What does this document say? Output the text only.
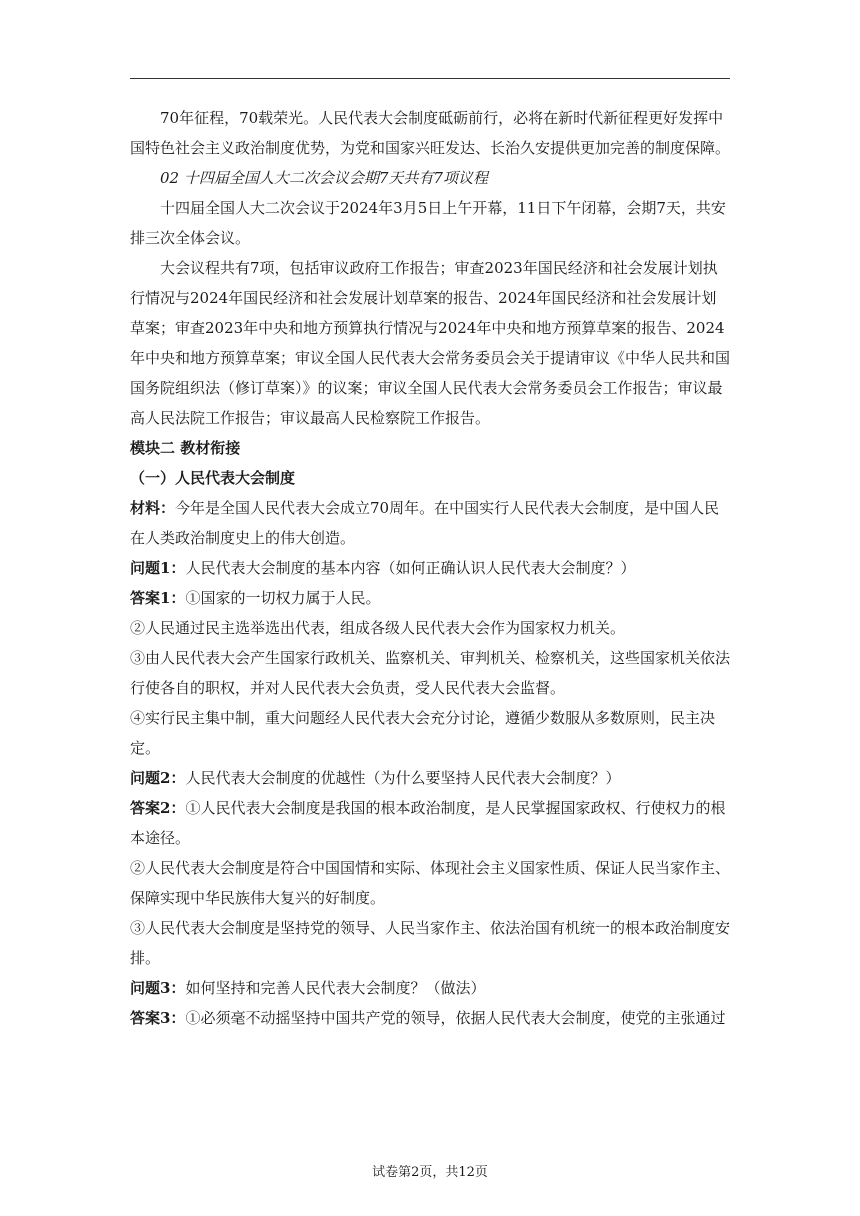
70年征程，70载荣光。人民代表大会制度砥砺前行，必将在新时代新征程更好发挥中国特色社会主义政治制度优势，为党和国家兴旺发达、长治久安提供更加完善的制度保障。

02 十四届全国人大二次会议会期7天共有7项议程

十四届全国人大二次会议于2024年3月5日上午开幕，11日下午闭幕，会期7天，共安排三次全体会议。

大会议程共有7项，包括审议政府工作报告；审查2023年国民经济和社会发展计划执行情况与2024年国民经济和社会发展计划草案的报告、2024年国民经济和社会发展计划草案；审查2023年中央和地方预算执行情况与2024年中央和地方预算草案的报告、2024年中央和地方预算草案；审议全国人民代表大会常务委员会关于提请审议《中华人民共和国国务院组织法（修订草案）》的议案；审议全国人民代表大会常务委员会工作报告；审议最高人民法院工作报告；审议最高人民检察院工作报告。

模块二 教材衔接

（一）人民代表大会制度

材料：今年是全国人民代表大会成立70周年。在中国实行人民代表大会制度，是中国人民在人类政治制度史上的伟大创造。

问题1：人民代表大会制度的基本内容（如何正确认识人民代表大会制度？）

答案1：①国家的一切权力属于人民。

②人民通过民主选举选出代表，组成各级人民代表大会作为国家权力机关。

③由人民代表大会产生国家行政机关、监察机关、审判机关、检察机关，这些国家机关依法行使各自的职权，并对人民代表大会负责，受人民代表大会监督。

④实行民主集中制，重大问题经人民代表大会充分讨论，遵循少数服从多数原则，民主决定。

问题2：人民代表大会制度的优越性（为什么要坚持人民代表大会制度？）

答案2：①人民代表大会制度是我国的根本政治制度，是人民掌握国家政权、行使权力的根本途径。

②人民代表大会制度是符合中国国情和实际、体现社会主义国家性质、保证人民当家作主、保障实现中华民族伟大复兴的好制度。

③人民代表大会制度是坚持党的领导、人民当家作主、依法治国有机统一的根本政治制度安排。

问题3：如何坚持和完善人民代表大会制度？（做法）

答案3：①必须毫不动摇坚持中国共产党的领导，依据人民代表大会制度，使党的主张通过

试卷第2页，共12页
